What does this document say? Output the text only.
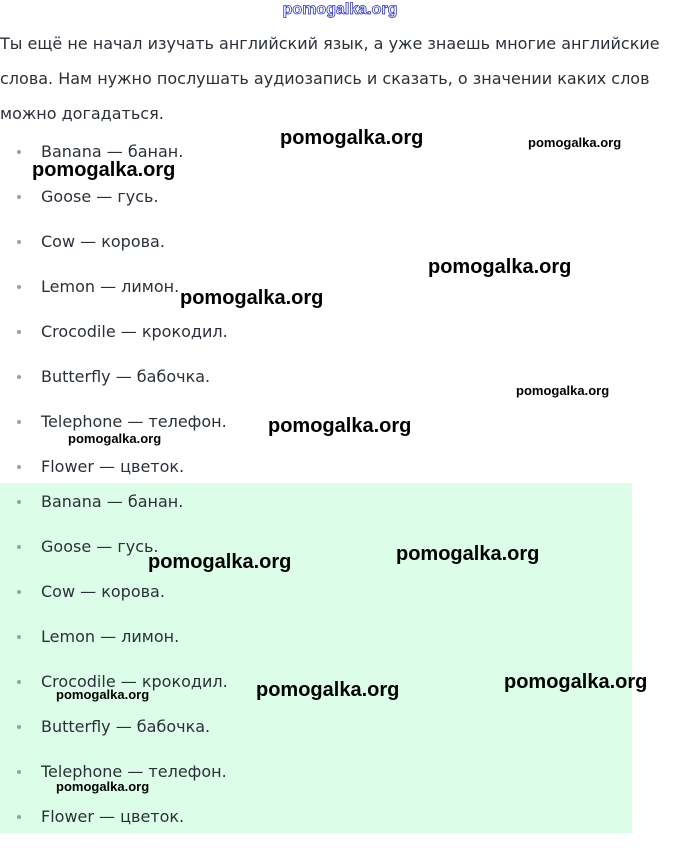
pomogalka.org

Ты ещё не начал изучать английский язык, а уже знаешь многие английские слова. Нам нужно послушать аудиозапись и сказать, о значении каких слов можно догадаться.

Banana — банан.
Goose — гусь.
Cow — корова.
Lemon — лимон.
Crocodile — крокодил.
Butterfly — бабочка.
Telephone — телефон.
Flower — цветок.
Banana — банан.
Goose — гусь.
Cow — корова.
Lemon — лимон.
Crocodile — крокодил.
Butterfly — бабочка.
Telephone — телефон.
Flower — цветок.
pomogalka.org	pomogalka.org
pomogalka.org
pomogalka.org
pomogalka.org
pomogalka.org
pomogalka.org
pomogalka.org
pomogalka.org
pomogalka.org
pomogalka.org
pomogalka.org
pomogalka.org
pomogalka.org
